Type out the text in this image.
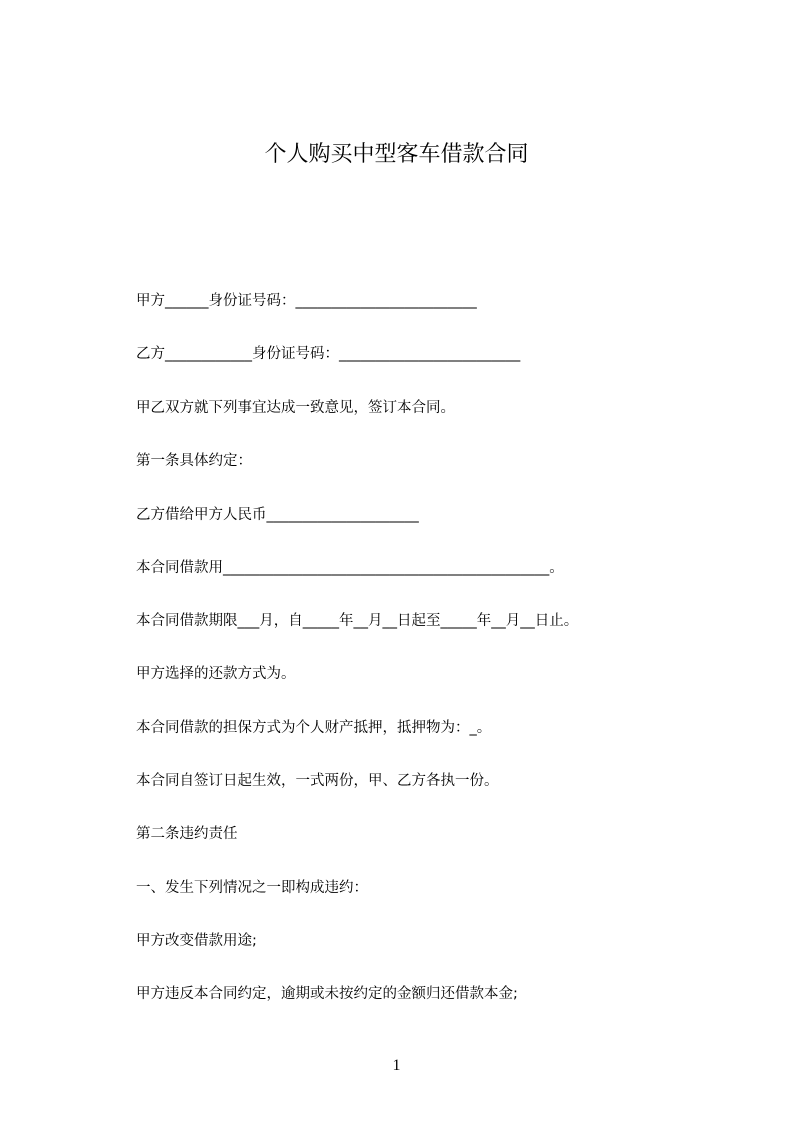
个人购买中型客车借款合同
甲方______身份证号码：_________________________
乙方____________身份证号码：_________________________
甲乙双方就下列事宜达成一致意见，签订本合同。
第一条具体约定：
乙方借给甲方人民币_____________________
本合同借款用_____________________________________________。
本合同借款期限___月，自_____年__月__日起至_____年__月__日止。
甲方选择的还款方式为。
本合同借款的担保方式为个人财产抵押，抵押物为：_。
本合同自签订日起生效，一式两份，甲、乙方各执一份。
第二条违约责任
一、发生下列情况之一即构成违约：
甲方改变借款用途;
甲方违反本合同约定，逾期或未按约定的金额归还借款本金;
1
